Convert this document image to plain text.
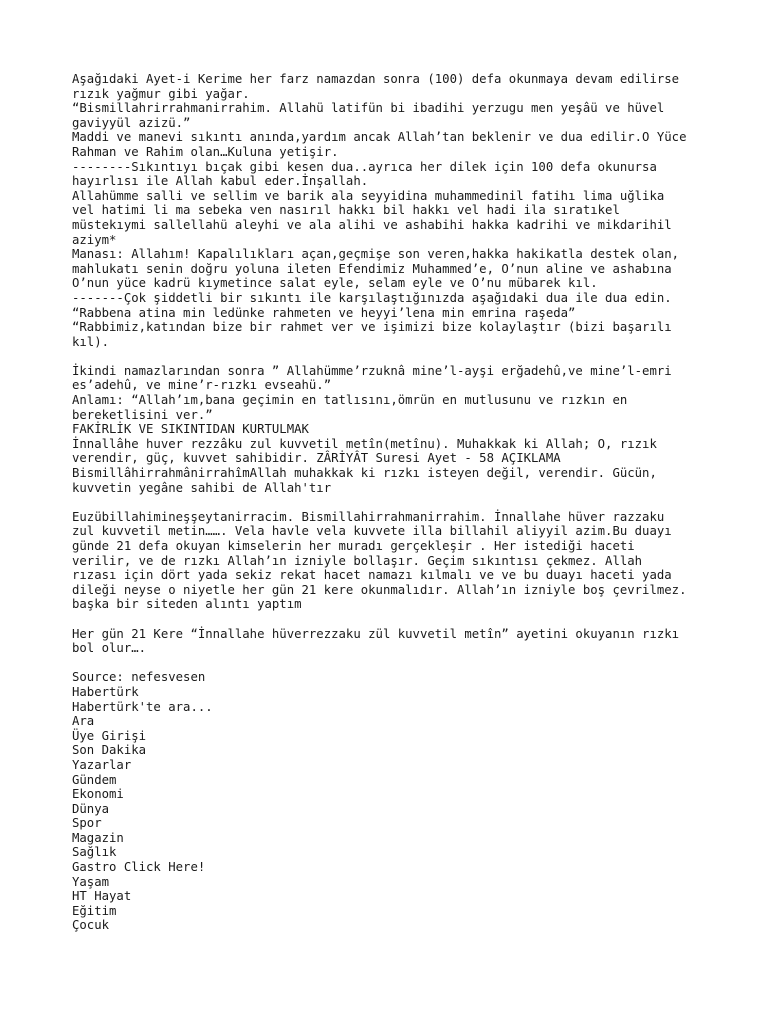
Aşağıdaki Ayet-i Kerime her farz namazdan sonra (100) defa okunmaya devam edilirse
rızık yağmur gibi yağar.
“Bismillahrirrahmanirrahim. Allahü latifün bi ibadihi yerzugu men yeşâü ve hüvel
gaviyyül azizü.”
Maddi ve manevi sıkıntı anında,yardım ancak Allah’tan beklenir ve dua edilir.O Yüce
Rahman ve Rahim olan…Kuluna yetişir.
--------Sıkıntıyı bıçak gibi kesen dua..ayrıca her dilek için 100 defa okunursa
hayırlısı ile Allah kabul eder.İnşallah.
Allahümme salli ve sellim ve barik ala seyyidina muhammedinil fatihı lima uğlika
vel hatimi li ma sebeka ven nasırıl hakkı bil hakkı vel hadi ila sıratıkel
müstekıymi sallellahü aleyhi ve ala alihi ve ashabihi hakka kadrihi ve mikdarihil
aziym*
Manası: Allahım! Kapalılıkları açan,geçmişe son veren,hakka hakikatla destek olan,
mahlukatı senin doğru yoluna ileten Efendimiz Muhammed’e, O’nun aline ve ashabına
O’nun yüce kadrü kıymetince salat eyle, selam eyle ve O’nu mübarek kıl.
-------Çok şiddetli bir sıkıntı ile karşılaştığınızda aşağıdaki dua ile dua edin.
“Rabbena atina min ledünke rahmeten ve heyyi’lena min emrina raşeda”
“Rabbimiz,katından bize bir rahmet ver ve işimizi bize kolaylaştır (bizi başarılı
kıl).
İkindi namazlarından sonra ” Allahümme’rzuknâ mine’l-ayşi erğadehû,ve mine’l-emri
es’adehû, ve mine’r-rızkı evseahü.”
Anlamı: “Allah’ım,bana geçimin en tatlısını,ömrün en mutlusunu ve rızkın en
bereketlisini ver.”
FAKİRLİK VE SIKINTIDAN KURTULMAK
İnnallâhe huver rezzâku zul kuvvetil metîn(metînu). Muhakkak ki Allah; O, rızık
verendir, güç, kuvvet sahibidir. ZÂRİYÂT Suresi Ayet - 58 AÇIKLAMA
BismillâhirrahmânirrahîmAllah muhakkak ki rızkı isteyen değil, verendir. Gücün,
kuvvetin yegâne sahibi de Allah'tır
Euzübillahimineşşeytanirracim. Bismillahirrahmanirrahim. İnnallahe hüver razzaku
zul kuvvetil metin……. Vela havle vela kuvvete illa billahil aliyyil azim.Bu duayı
günde 21 defa okuyan kimselerin her muradı gerçekleşir . Her istediği haceti
verilir, ve de rızkı Allah’ın izniyle bollaşır. Geçim sıkıntısı çekmez. Allah
rızası için dört yada sekiz rekat hacet namazı kılmalı ve ve bu duayı haceti yada
dileği neyse o niyetle her gün 21 kere okunmalıdır. Allah’ın izniyle boş çevrilmez.
başka bir siteden alıntı yaptım
Her gün 21 Kere “İnnallahe hüverrezzaku zül kuvvetil metîn” ayetini okuyanın rızkı
bol olur….
Source: nefesvesen
Habertürk
Habertürk'te ara...
Ara
Üye Girişi
Son Dakika
Yazarlar
Gündem
Ekonomi
Dünya
Spor
Magazin
Sağlık
Gastro Click Here!
Yaşam
HT Hayat
Eğitim
Çocuk
